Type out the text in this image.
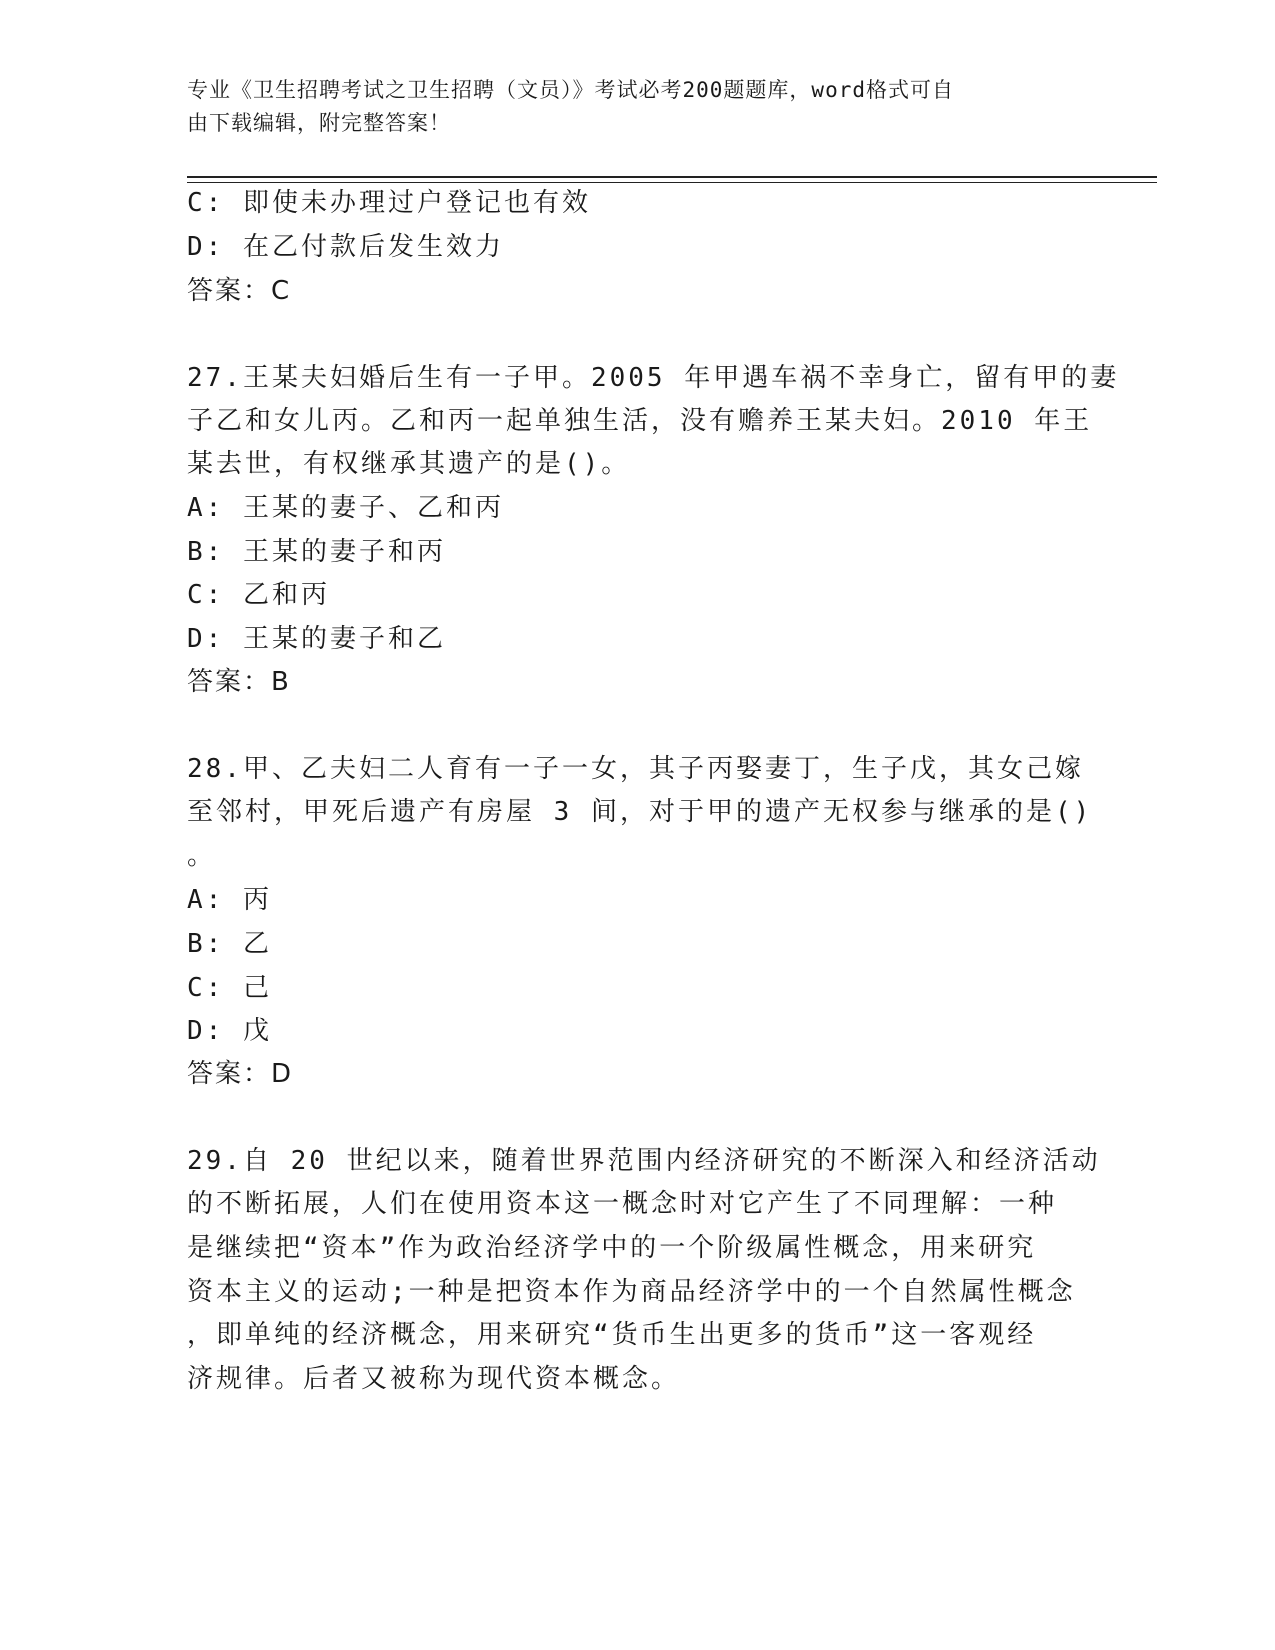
专业《卫生招聘考试之卫生招聘（文员）》考试必考200题题库，word格式可自
由下载编辑，附完整答案！
C: 即使未办理过户登记也有效
D: 在乙付款后发生效力
答案：C
27.王某夫妇婚后生有一子甲。2005 年甲遇车祸不幸身亡，留有甲的妻
子乙和女儿丙。乙和丙一起单独生活，没有赡养王某夫妇。2010 年王
某去世，有权继承其遗产的是()。
A: 王某的妻子、乙和丙
B: 王某的妻子和丙
C: 乙和丙
D: 王某的妻子和乙
答案：B
28.甲、乙夫妇二人育有一子一女，其子丙娶妻丁，生子戊，其女己嫁
至邻村，甲死后遗产有房屋 3 间，对于甲的遗产无权参与继承的是()
。
A: 丙
B: 乙
C: 己
D: 戊
答案：D
29.自 20 世纪以来，随着世界范围内经济研究的不断深入和经济活动
的不断拓展，人们在使用资本这一概念时对它产生了不同理解：一种
是继续把“资本”作为政治经济学中的一个阶级属性概念，用来研究
资本主义的运动;一种是把资本作为商品经济学中的一个自然属性概念
，即单纯的经济概念，用来研究“货币生出更多的货币”这一客观经
济规律。后者又被称为现代资本概念。
